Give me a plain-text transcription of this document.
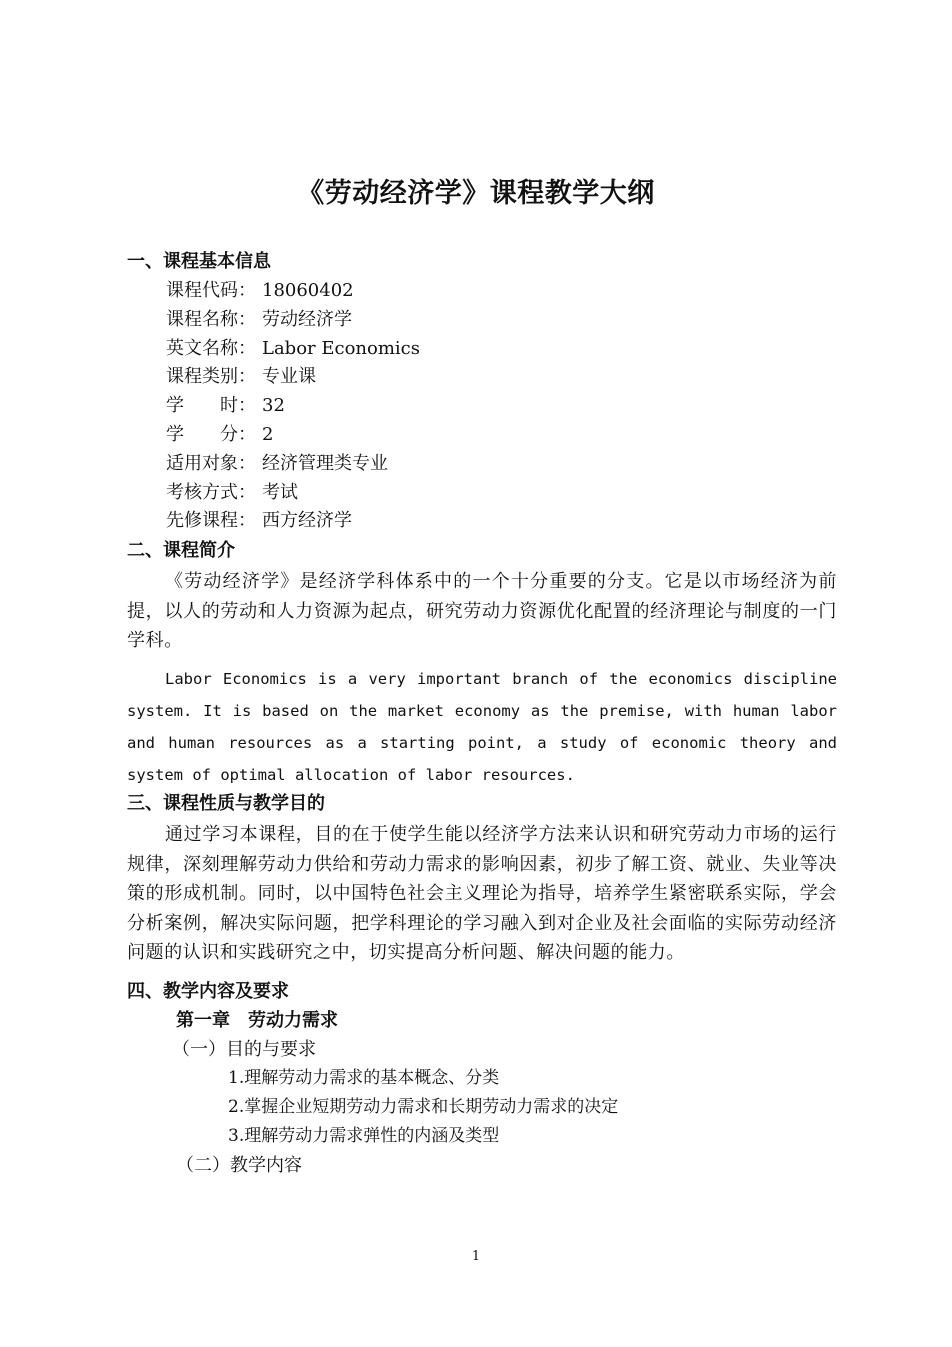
《劳动经济学》课程教学大纲
一、课程基本信息
课程代码： 18060402
课程名称： 劳动经济学
英文名称： Labor Economics
课程类别： 专业课
学　　时： 32
学　　分： 2
适用对象： 经济管理类专业
考核方式： 考试
先修课程： 西方经济学
二、课程简介

《劳动经济学》是经济学科体系中的一个十分重要的分支。它是以市场经济为前提，以人的劳动和人力资源为起点，研究劳动力资源优化配置的经济理论与制度的一门学科。

Labor Economics is a very important branch of the economics discipline system. It is based on the market economy as the premise, with human labor and human resources as a starting point, a study of economic theory and system of optimal allocation of labor resources.

三、课程性质与教学目的

通过学习本课程，目的在于使学生能以经济学方法来认识和研究劳动力市场的运行规律，深刻理解劳动力供给和劳动力需求的影响因素，初步了解工资、就业、失业等决策的形成机制。同时，以中国特色社会主义理论为指导，培养学生紧密联系实际，学会分析案例，解决实际问题，把学科理论的学习融入到对企业及社会面临的实际劳动经济问题的认识和实践研究之中，切实提高分析问题、解决问题的能力。

四、教学内容及要求
第一章　劳动力需求
（一）目的与要求
1.理解劳动力需求的基本概念、分类
2.掌握企业短期劳动力需求和长期劳动力需求的决定
3.理解劳动力需求弹性的内涵及类型
（二）教学内容
1
